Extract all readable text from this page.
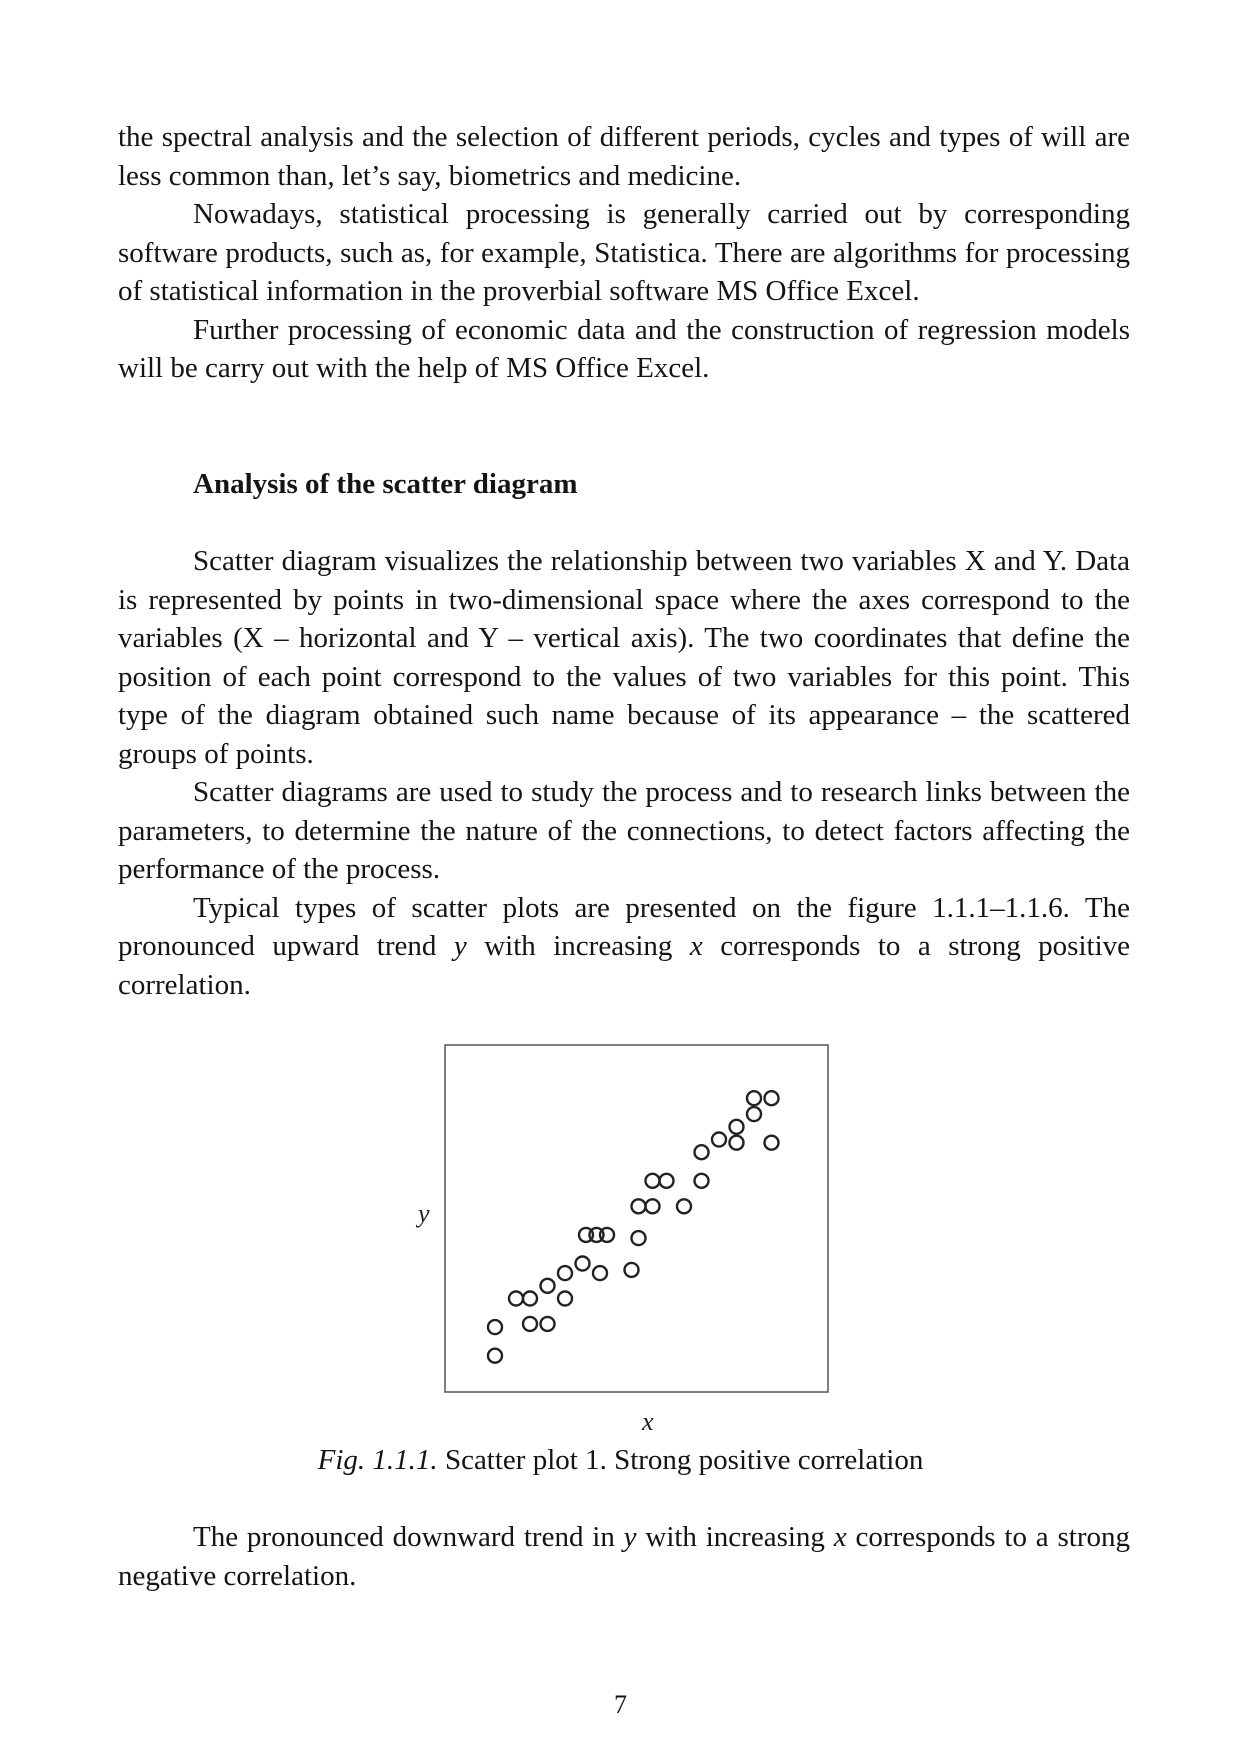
the spectral analysis and the selection of different periods, cycles and types of will are less common than, let’s say, biometrics and medicine.

Nowadays, statistical processing is generally carried out by corresponding software products, such as, for example, Statistica. There are algorithms for processing of statistical information in the proverbial software MS Office Excel.

Further processing of economic data and the construction of regression models will be carry out with the help of MS Office Excel.

Analysis of the scatter diagram

Scatter diagram visualizes the relationship between two variables X and Y. Data is represented by points in two-dimensional space where the axes correspond to the variables (X – horizontal and Y – vertical axis). The two coordinates that define the position of each point correspond to the values of two variables for this point. This type of the diagram obtained such name because of its appearance – the scattered groups of points.

Scatter diagrams are used to study the process and to research links between the parameters, to determine the nature of the connections, to detect factors affecting the performance of the process.

Typical types of scatter plots are presented on the figure 1.1.1–1.1.6. The pronounced upward trend y with increasing x corresponds to a strong positive correlation.

y
x
Fig. 1.1.1. Scatter plot 1. Strong positive correlation

The pronounced downward trend in y with increasing x corresponds to a strong negative correlation.

7
